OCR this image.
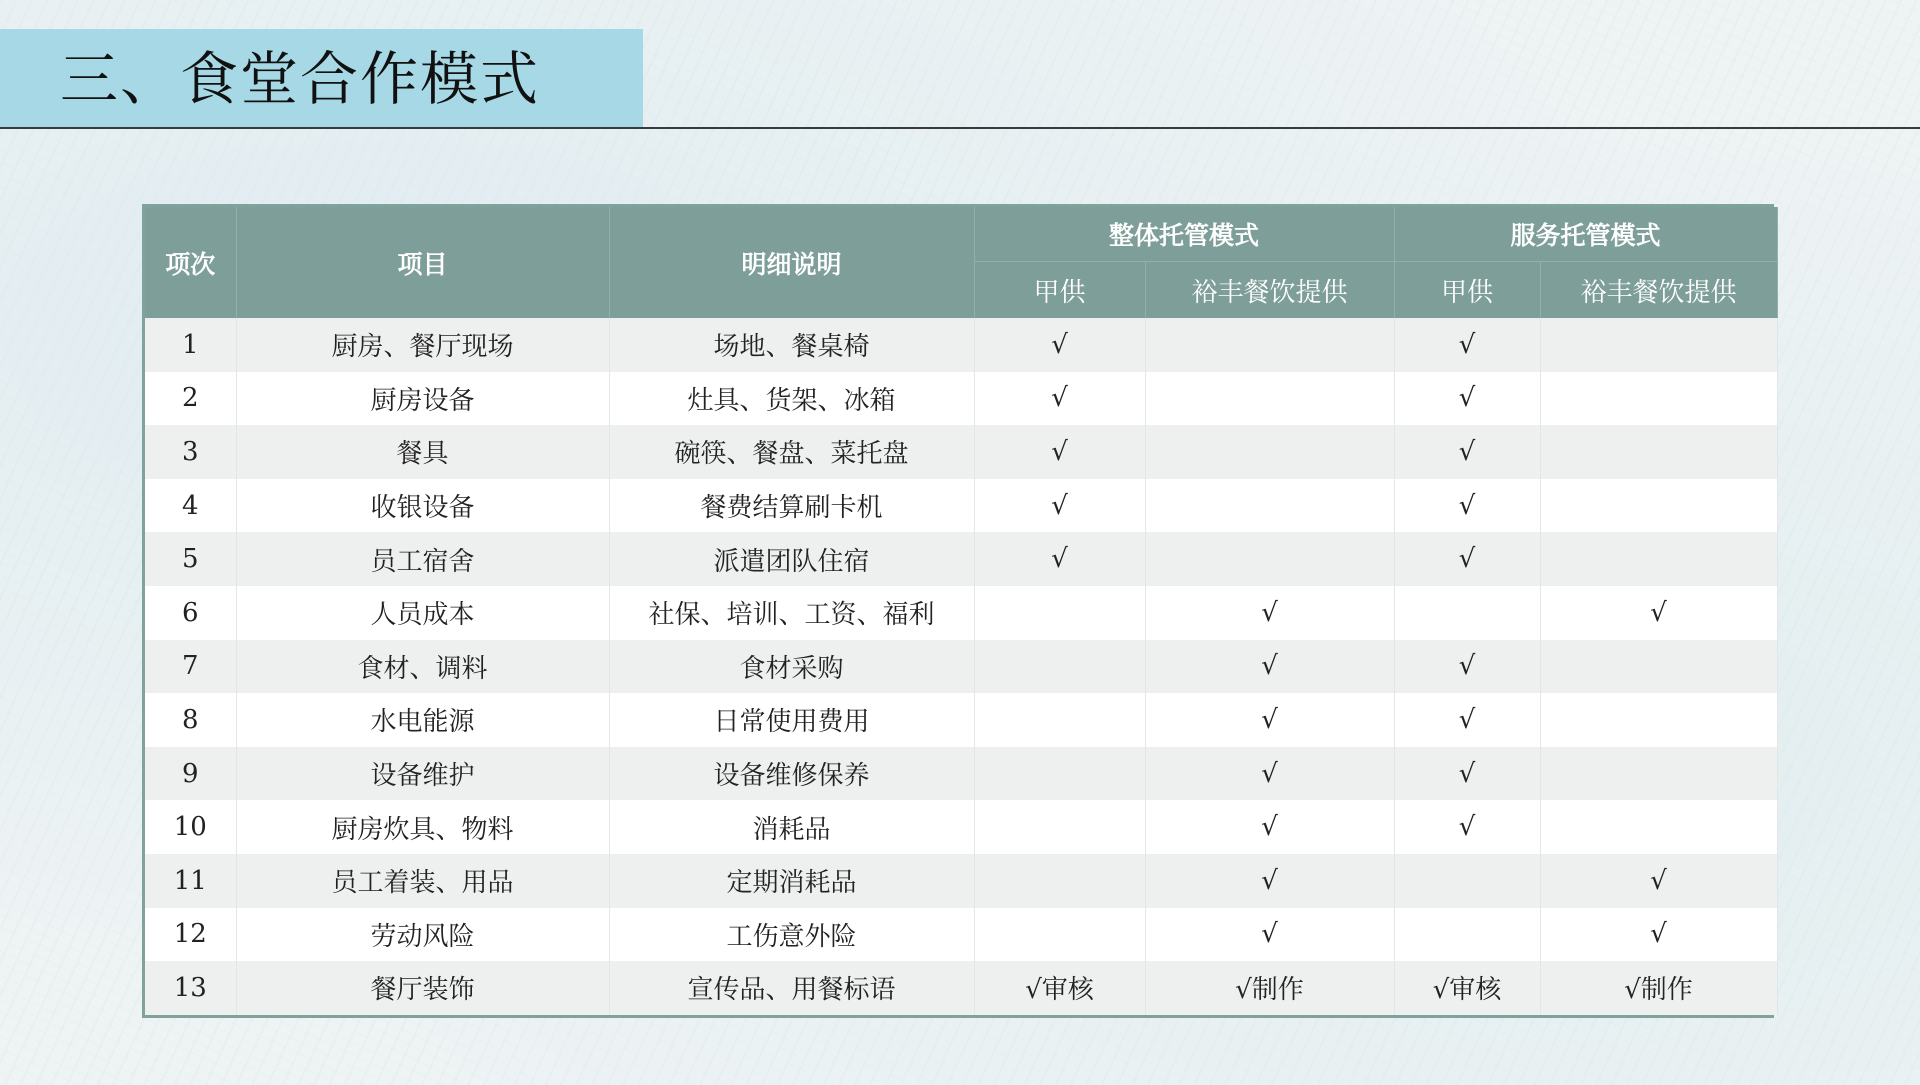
三、食堂合作模式
项次	项目	明细说明	整体托管模式		服务托管模式	
			甲供	裕丰餐饮提供	甲供	裕丰餐饮提供
1	厨房、餐厅现场	场地、餐桌椅	√		√	
2	厨房设备	灶具、货架、冰箱	√		√	
3	餐具	碗筷、餐盘、菜托盘	√		√	
4	收银设备	餐费结算刷卡机	√		√	
5	员工宿舍	派遣团队住宿	√		√	
6	人员成本	社保、培训、工资、福利		√		√
7	食材、调料	食材采购		√	√	
8	水电能源	日常使用费用		√	√	
9	设备维护	设备维修保养		√	√	
10	厨房炊具、物料	消耗品		√	√	
11	员工着装、用品	定期消耗品		√		√
12	劳动风险	工伤意外险		√		√
13	餐厅装饰	宣传品、用餐标语	√审核	√制作	√审核	√制作
